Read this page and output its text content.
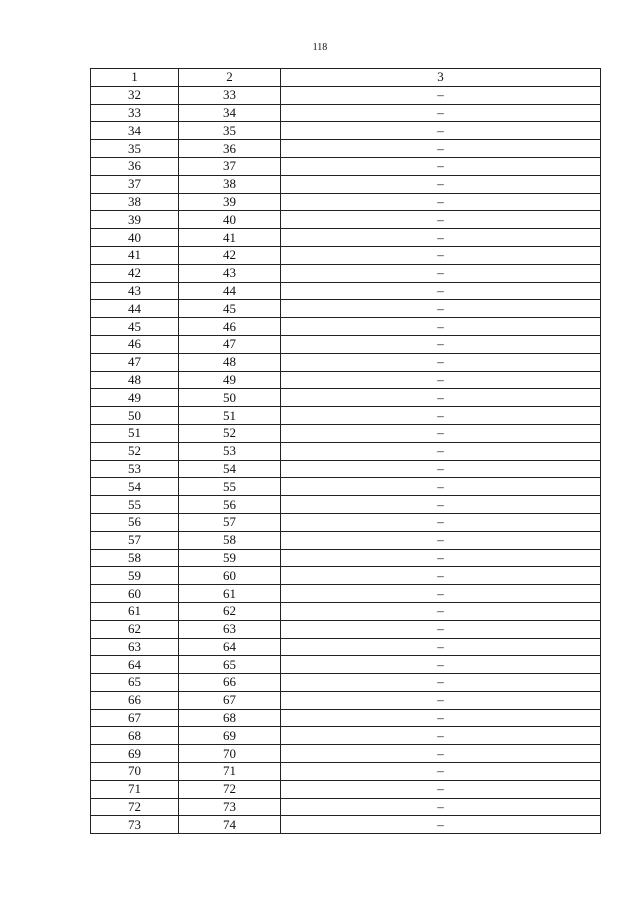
118
1	2	3
32	33	–
33	34	–
34	35	–
35	36	–
36	37	–
37	38	–
38	39	–
39	40	–
40	41	–
41	42	–
42	43	–
43	44	–
44	45	–
45	46	–
46	47	–
47	48	–
48	49	–
49	50	–
50	51	–
51	52	–
52	53	–
53	54	–
54	55	–
55	56	–
56	57	–
57	58	–
58	59	–
59	60	–
60	61	–
61	62	–
62	63	–
63	64	–
64	65	–
65	66	–
66	67	–
67	68	–
68	69	–
69	70	–
70	71	–
71	72	–
72	73	–
73	74	–
